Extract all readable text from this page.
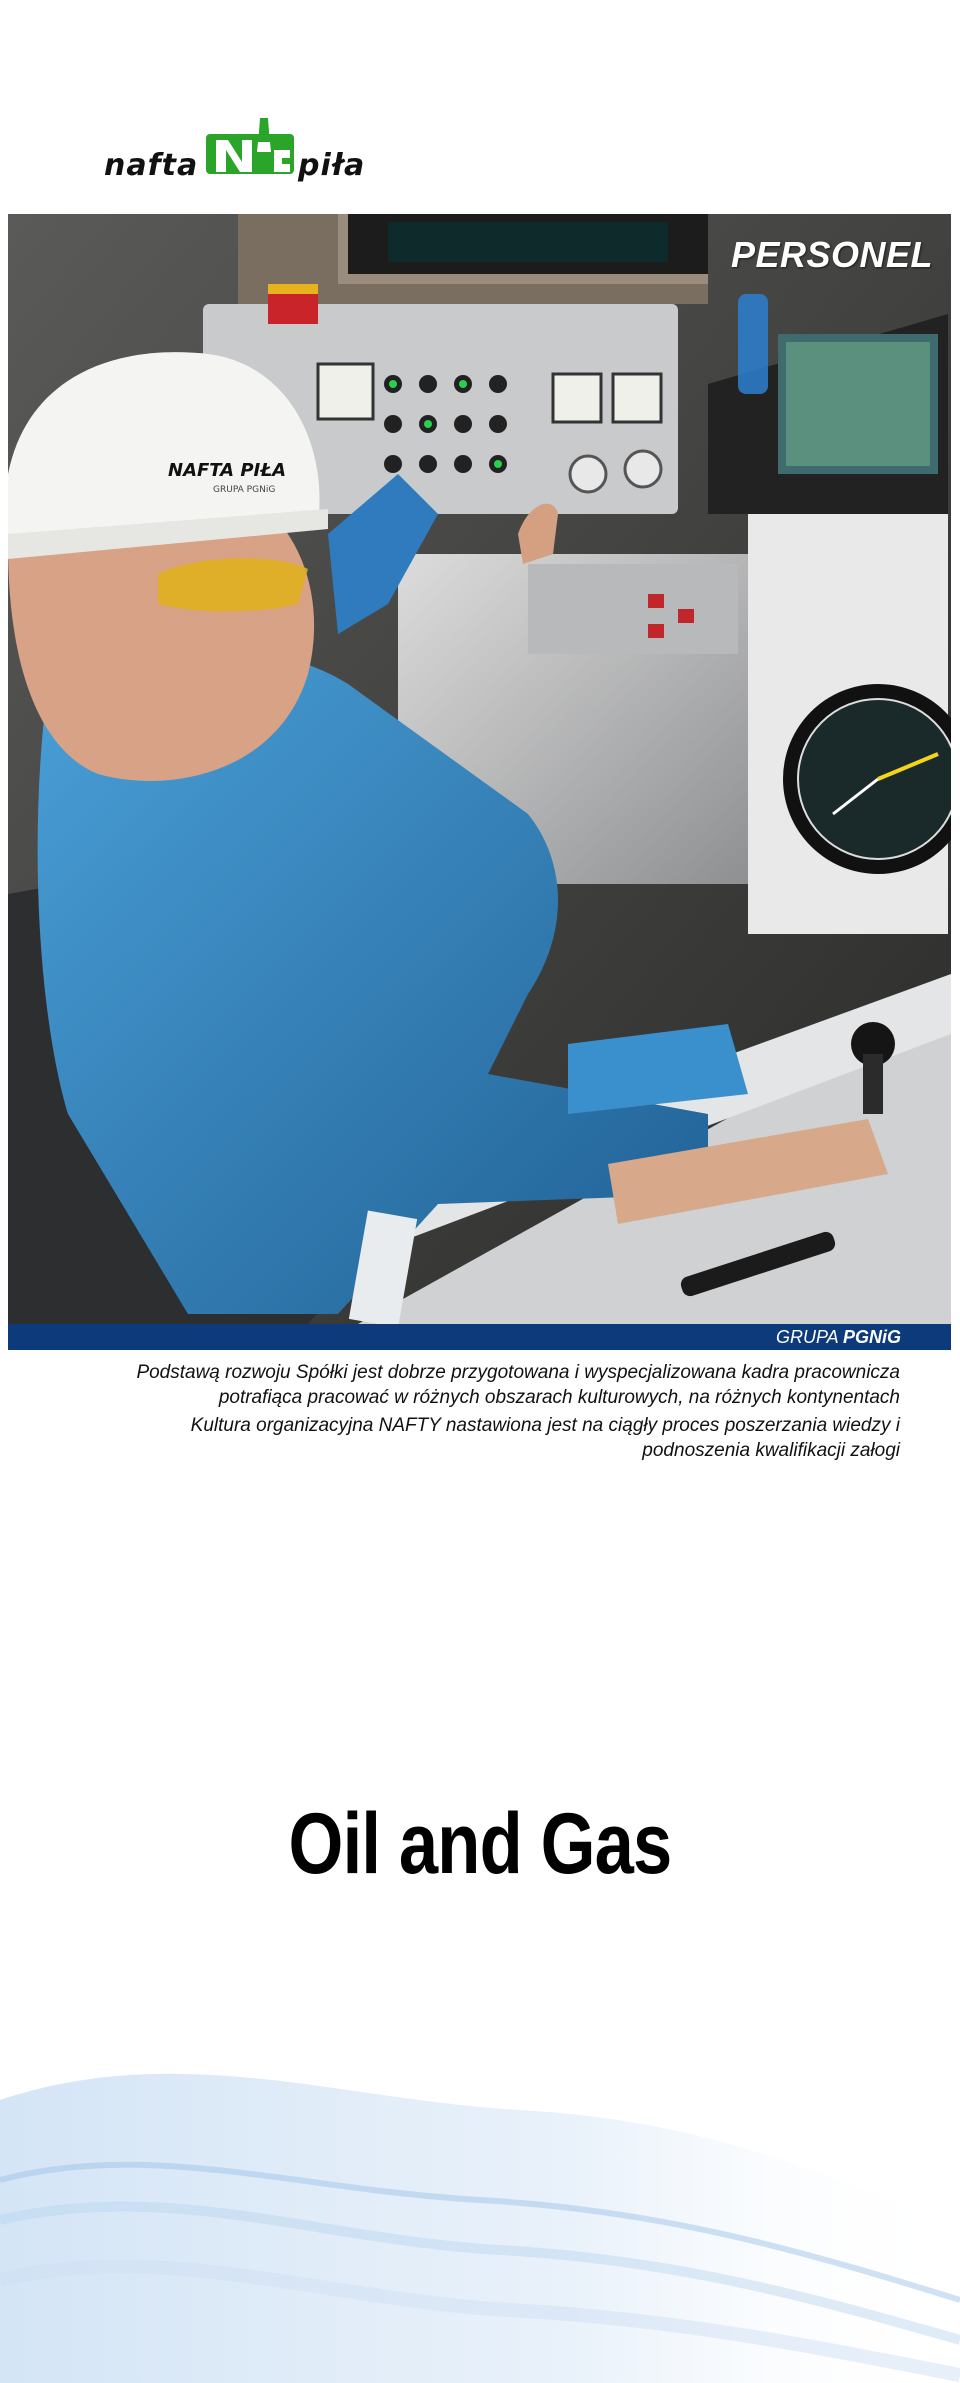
nafta	piła
NAFTA PIŁA
GRUPA PGNiG
PERSONEL
GRUPA PGNiG

Podstawą rozwoju Spółki jest dobrze przygotowana i wyspecjalizowana kadra pracownicza potrafiąca pracować w różnych obszarach kulturowych, na różnych kontynentach

Kultura organizacyjna NAFTY nastawiona jest na ciągły proces poszerzania wiedzy i podnoszenia kwalifikacji załogi

Oil and Gas
